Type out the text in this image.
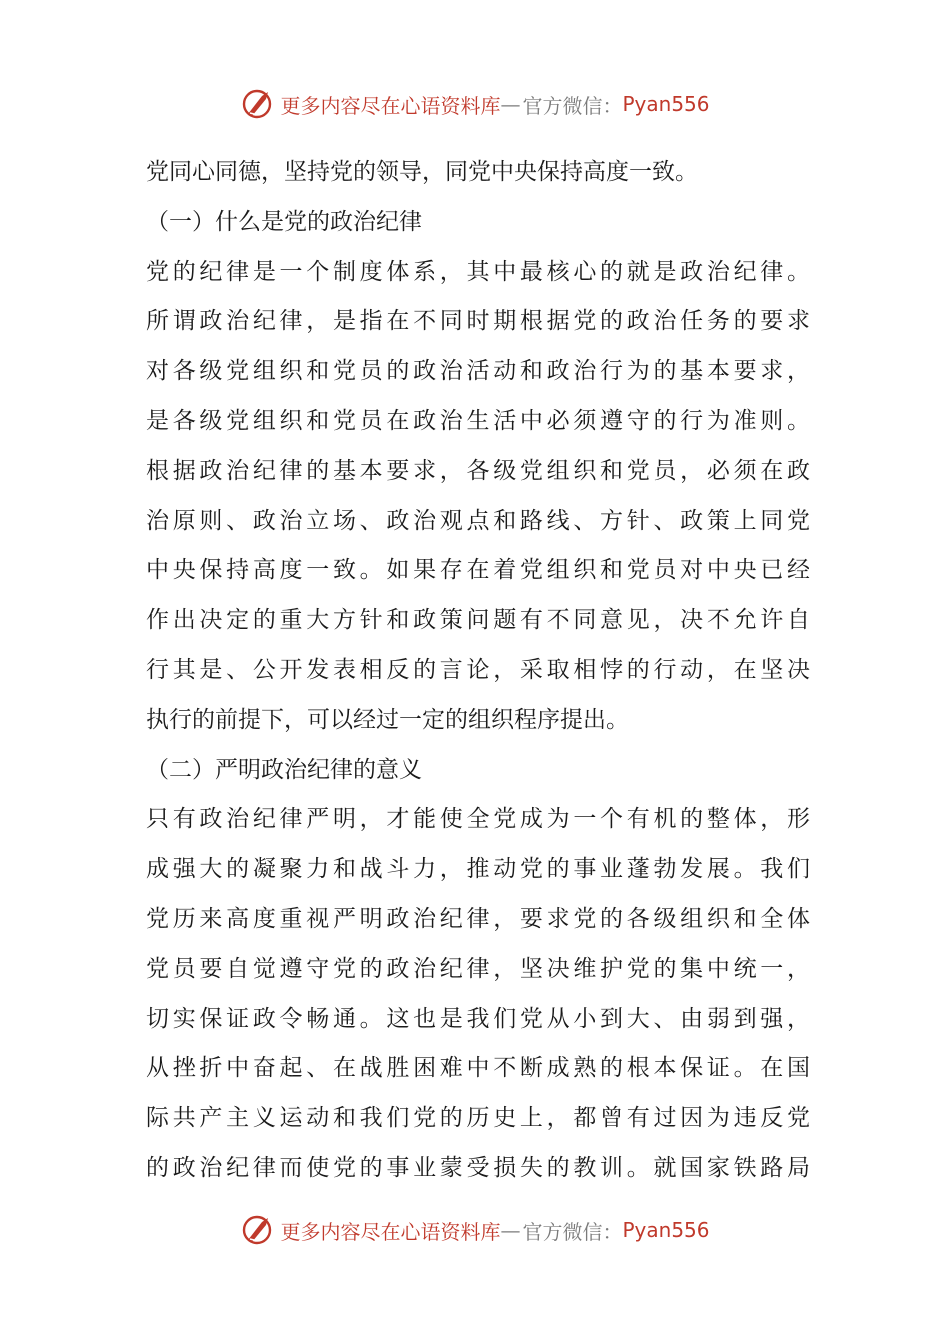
更多内容尽在心语资料库 — 官方微信： Pyan556
党同心同德，坚持党的领导，同党中央保持高度一致。
（一）什么是党的政治纪律
党的纪律是一个制度体系，其中最核心的就是政治纪律。
所谓政治纪律，是指在不同时期根据党的政治任务的要求
对各级党组织和党员的政治活动和政治行为的基本要求，
是各级党组织和党员在政治生活中必须遵守的行为准则。
根据政治纪律的基本要求，各级党组织和党员，必须在政
治原则、政治立场、政治观点和路线、方针、政策上同党
中央保持高度一致。如果存在着党组织和党员对中央已经
作出决定的重大方针和政策问题有不同意见，决不允许自
行其是、公开发表相反的言论，采取相悖的行动，在坚决
执行的前提下，可以经过一定的组织程序提出。
（二）严明政治纪律的意义
只有政治纪律严明，才能使全党成为一个有机的整体，形
成强大的凝聚力和战斗力，推动党的事业蓬勃发展。我们
党历来高度重视严明政治纪律，要求党的各级组织和全体
党员要自觉遵守党的政治纪律，坚决维护党的集中统一，
切实保证政令畅通。这也是我们党从小到大、由弱到强，
从挫折中奋起、在战胜困难中不断成熟的根本保证。在国
际共产主义运动和我们党的历史上，都曾有过因为违反党
的政治纪律而使党的事业蒙受损失的教训。就国家铁路局
更多内容尽在心语资料库 — 官方微信： Pyan556
